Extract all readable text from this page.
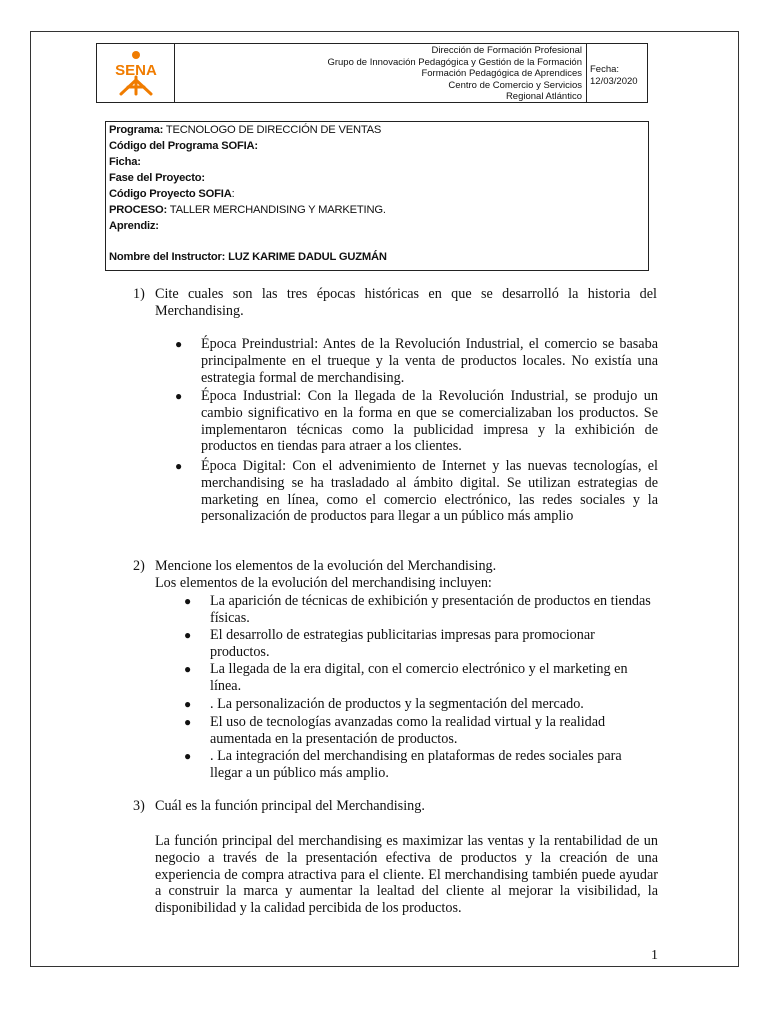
SENA
Dirección de Formación Profesional
Grupo de Innovación Pedagógica y Gestión de la Formación
Formación Pedagógica de Aprendices
Centro de Comercio y Servicios
Regional Atlántico
Fecha:
12/03/2020
Programa: TECNOLOGO DE DIRECCIÓN DE VENTAS
Código del Programa SOFIA:
Ficha:
Fase del Proyecto:
Código Proyecto SOFIA:
PROCESO: TALLER MERCHANDISING Y MARKETING.
Aprendiz:
Nombre del Instructor: LUZ KARIME DADUL GUZMÁN
1) Cite cuales son las tres épocas históricas en que se desarrolló la historia del Merchandising.
● Época Preindustrial: Antes de la Revolución Industrial, el comercio se basaba principalmente en el trueque y la venta de productos locales. No existía una estrategia formal de merchandising.
● Época Industrial: Con la llegada de la Revolución Industrial, se produjo un cambio significativo en la forma en que se comercializaban los productos. Se implementaron técnicas como la publicidad impresa y la exhibición de productos en tiendas para atraer a los clientes.
● Época Digital: Con el advenimiento de Internet y las nuevas tecnologías, el merchandising se ha trasladado al ámbito digital. Se utilizan estrategias de marketing en línea, como el comercio electrónico, las redes sociales y la personalización de productos para llegar a un público más amplio
2) Mencione los elementos de la evolución del Merchandising.
Los elementos de la evolución del merchandising incluyen:
● La aparición de técnicas de exhibición y presentación de productos en tiendas físicas.
● El desarrollo de estrategias publicitarias impresas para promocionar productos.
● La llegada de la era digital, con el comercio electrónico y el marketing en línea.
● . La personalización de productos y la segmentación del mercado.
● El uso de tecnologías avanzadas como la realidad virtual y la realidad aumentada en la presentación de productos.
● . La integración del merchandising en plataformas de redes sociales para llegar a un público más amplio.
3) Cuál es la función principal del Merchandising.
La función principal del merchandising es maximizar las ventas y la rentabilidad de un negocio a través de la presentación efectiva de productos y la creación de una experiencia de compra atractiva para el cliente. El merchandising también puede ayudar a construir la marca y aumentar la lealtad del cliente al mejorar la visibilidad, la disponibilidad y la calidad percibida de los productos.
1
